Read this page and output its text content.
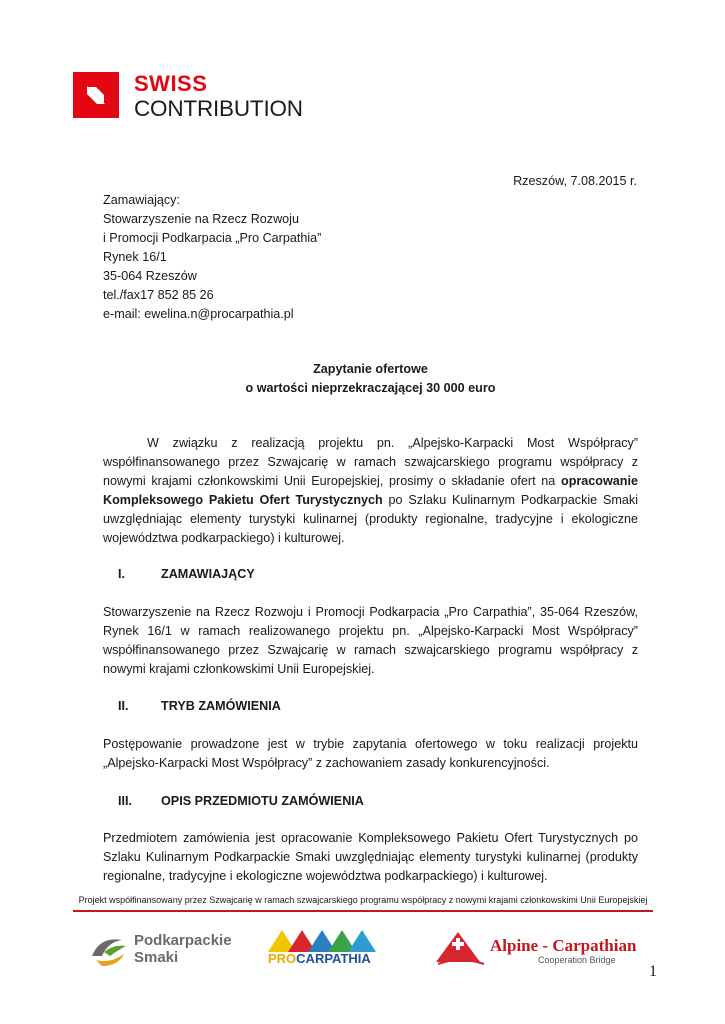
SWISS
CONTRIBUTION
Rzeszów, 7.08.2015 r.
Zamawiający:
Stowarzyszenie na Rzecz Rozwoju
i Promocji Podkarpacia „Pro Carpathia”
Rynek 16/1
35-064 Rzeszów
tel./fax17 852 85 26
e-mail: ewelina.n@procarpathia.pl
Zapytanie ofertowe
o wartości nieprzekraczającej 30 000 euro
W związku z realizacją projektu pn. „Alpejsko-Karpacki Most Współpracy” współfinansowanego przez Szwajcarię w ramach szwajcarskiego programu współpracy z nowymi krajami członkowskimi Unii Europejskiej, prosimy o składanie ofert na opracowanie Kompleksowego Pakietu Ofert Turystycznych po Szlaku Kulinarnym Podkarpackie Smaki uwzględniając elementy turystyki kulinarnej (produkty regionalne, tradycyjne i ekologiczne województwa podkarpackiego) i kulturowej.
I.	ZAMAWIAJĄCY
Stowarzyszenie na Rzecz Rozwoju i Promocji Podkarpacia „Pro Carpathia”, 35-064 Rzeszów, Rynek 16/1 w ramach realizowanego projektu pn. „Alpejsko-Karpacki Most Współpracy” współfinansowanego przez Szwajcarię w ramach szwajcarskiego programu współpracy z nowymi krajami członkowskimi Unii Europejskiej.
II.	TRYB ZAMÓWIENIA
Postępowanie prowadzone jest w trybie zapytania ofertowego w toku realizacji projektu „Alpejsko-Karpacki Most Współpracy” z zachowaniem zasady konkurencyjności.
III. OPIS PRZEDMIOTU ZAMÓWIENIA
Przedmiotem zamówienia jest opracowanie Kompleksowego Pakietu Ofert Turystycznych po Szlaku Kulinarnym Podkarpackie Smaki uwzględniając elementy turystyki kulinarnej (produkty regionalne, tradycyjne i ekologiczne województwa podkarpackiego) i kulturowej.
Projekt współfinansowany przez Szwajcarię w ramach szwajcarskiego programu współpracy z nowymi krajami członkowskimi Unii Europejskiej
Podkarpackie
Smaki	PROCARPATHIA
Alpine - Carpathian
Cooperation Bridge
1
